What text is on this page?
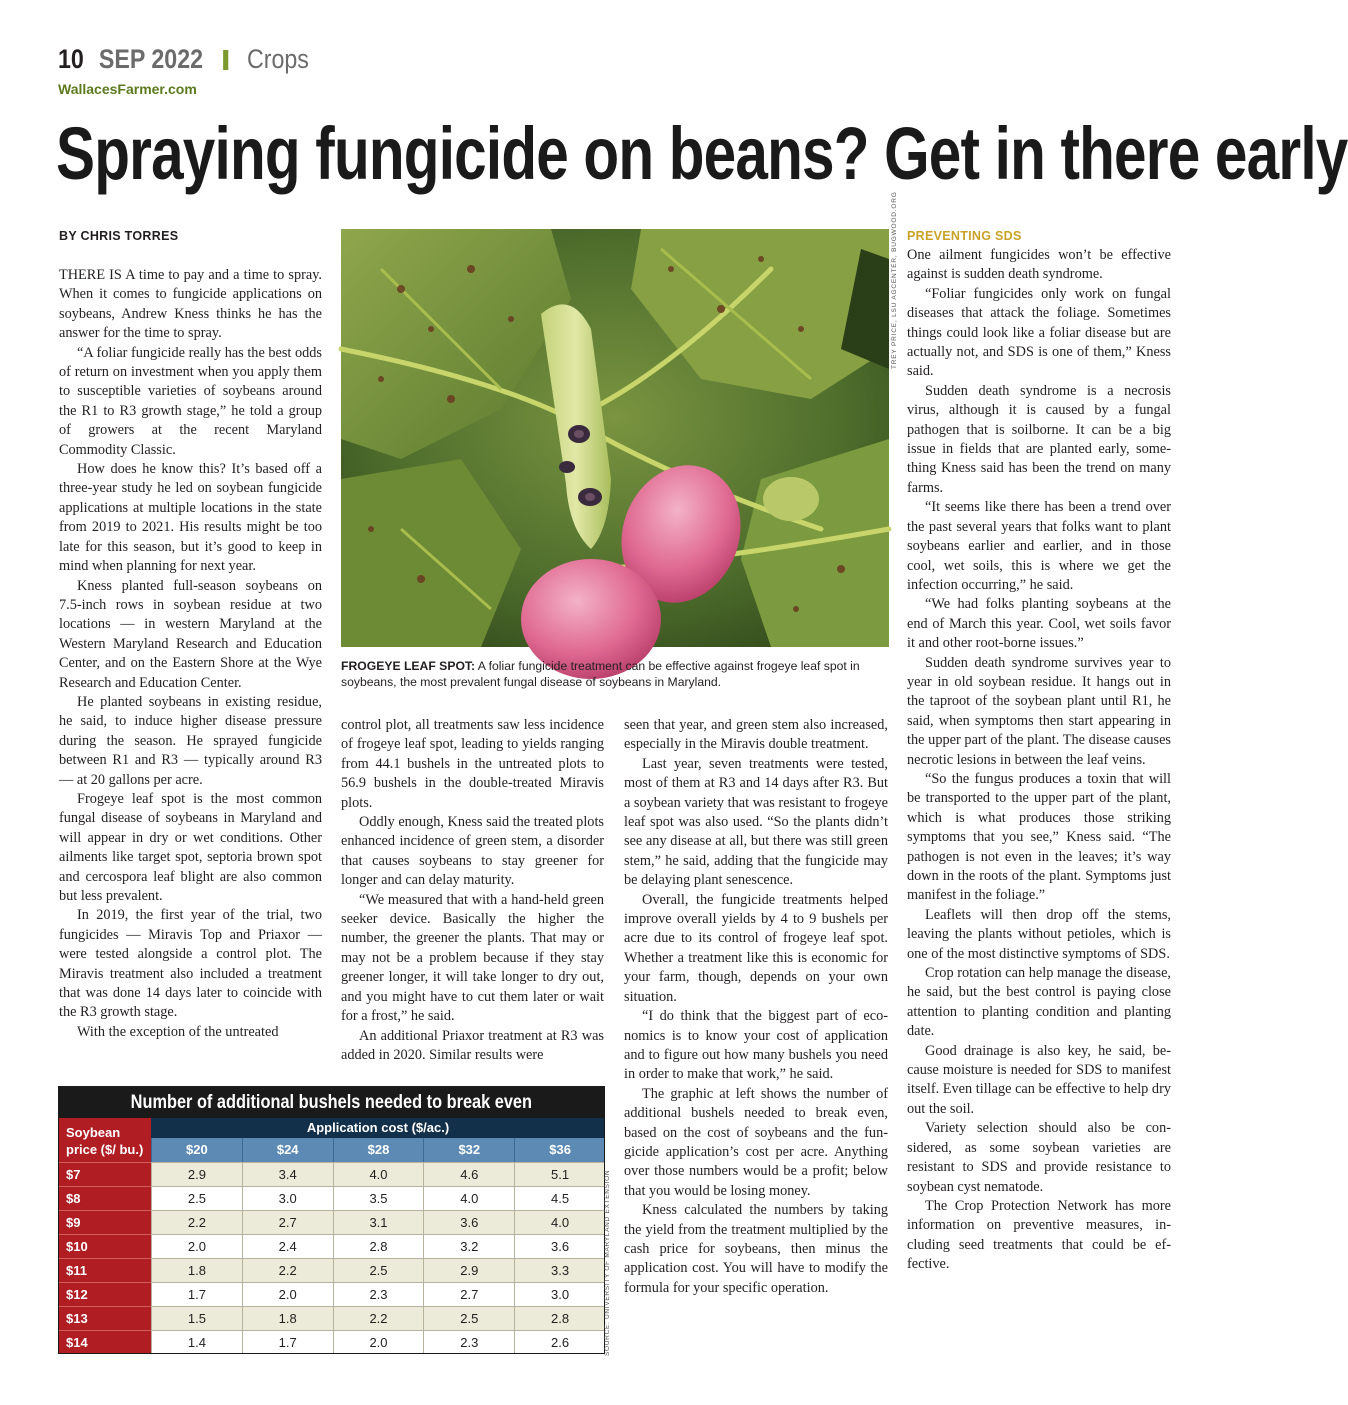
10 SEP 2022 Crops
WallacesFarmer.com
Spraying fungicide on beans? Get in there early
BY CHRIS TORRES

THERE IS A time to pay and a time to spray. When it comes to fungicide applications on soybeans, Andrew Kness thinks he has the answer for the time to spray.

“A foliar fungicide really has the best odds of return on investment when you apply them to susceptible varieties of soybeans around the R1 to R3 growth stage,” he told a group of growers at the recent Maryland Commodity Classic.

How does he know this? It’s based off a three-year study he led on soybean fungicide applications at multiple locations in the state from 2019 to 2021. His results might be too late for this season, but it’s good to keep in mind when planning for next year.

Kness planted full-season soybeans on 7.5-inch rows in soybean residue at two locations — in western Maryland at the Western Maryland Research and Education Center, and on the Eastern Shore at the Wye Research and Education Center.

He planted soybeans in existing residue, he said, to induce higher disease pressure during the season. He sprayed fungicide between R1 and R3 — typically around R3 — at 20 gallons per acre.

Frogeye leaf spot is the most common fungal disease of soybeans in Maryland and will appear in dry or wet conditions. Other ailments like target spot, septoria brown spot and cercospora leaf blight are also common but less prevalent.

In 2019, the first year of the trial, two fungicides — Miravis Top and Priaxor — were tested alongside a control plot. The Miravis treatment also included a treatment that was done 14 days later to coincide with the R3 growth stage.

With the exception of the untreated

control plot, all treatments saw less incidence of frogeye leaf spot, leading to yields ranging from 44.1 bushels in the untreated plots to 56.9 bushels in the double-treated Miravis plots.

Oddly enough, Kness said the treated plots enhanced incidence of green stem, a disorder that causes soybeans to stay greener for longer and can delay maturity.

“We measured that with a hand-held green seeker device. Basically the higher the number, the greener the plants. That may or may not be a problem because if they stay greener longer, it will take longer to dry out, and you might have to cut them later or wait for a frost,” he said.

An additional Priaxor treatment at R3 was added in 2020. Similar results were

seen that year, and green stem also increased, especially in the Miravis double treatment.

Last year, seven treatments were tested, most of them at R3 and 14 days after R3. But a soybean variety that was resistant to frogeye leaf spot was also used. “So the plants didn’t see any disease at all, but there was still green stem,” he said, adding that the fungicide may be delaying plant senescence.

Overall, the fungicide treatments helped improve overall yields by 4 to 9 bushels per acre due to its control of frogeye leaf spot. Whether a treatment like this is economic for your farm, though, depends on your own situation.

“I do think that the biggest part of economics is to know your cost of application and to figure out how many bushels you need in order to make that work,” he said.

The graphic at left shows the number of additional bushels needed to break even, based on the cost of soybeans and the fungicide application’s cost per acre. Anything over those numbers would be a profit; below that you would be losing money.

Kness calculated the numbers by taking the yield from the treatment multiplied by the cash price for soybeans, then minus the application cost. You will have to modify the formula for your specific operation.

TREY PRICE, LSU AGCENTER, BUGWOOD.ORG
FROGEYE LEAF SPOT: A foliar fungicide treatment can be effective against frogeye leaf spot in soybeans, the most prevalent fungal disease of soybeans in Maryland.
PREVENTING SDS

One ailment fungicides won’t be effective against is sudden death syndrome.

“Foliar fungicides only work on fungal diseases that attack the foliage. Sometimes things could look like a foliar disease but are actually not, and SDS is one of them,” Kness said.

Sudden death syndrome is a necrosis virus, although it is caused by a fungal pathogen that is soilborne. It can be a big issue in fields that are planted early, something Kness said has been the trend on many farms.

“It seems like there has been a trend over the past several years that folks want to plant soybeans earlier and earlier, and in those cool, wet soils, this is where we get the infection occurring,” he said.

“We had folks planting soybeans at the end of March this year. Cool, wet soils favor it and other root-borne issues.”

Sudden death syndrome survives year to year in old soybean residue. It hangs out in the taproot of the soybean plant until R1, he said, when symptoms then start appearing in the upper part of the plant. The disease causes necrotic lesions in between the leaf veins.

“So the fungus produces a toxin that will be transported to the upper part of the plant, which is what produces those striking symptoms that you see,” Kness said. “The pathogen is not even in the leaves; it’s way down in the roots of the plant. Symptoms just manifest in the foliage.”

Leaflets will then drop off the stems, leaving the plants without petioles, which is one of the most distinctive symptoms of SDS.

Crop rotation can help manage the disease, he said, but the best control is paying close attention to planting condition and planting date.

Good drainage is also key, he said, because moisture is needed for SDS to manifest itself. Even tillage can be effective to help dry out the soil.

Variety selection should also be considered, as some soybean varieties are resistant to SDS and provide resistance to soybean cyst nematode.

The Crop Protection Network has more information on preventive measures, including seed treatments that could be effective.

Number of additional bushels needed to break even
Soybean price ($/ bu.)
Application cost ($/ac.)
$20	$24	$28	$32	$36
$7	2.9	3.4	4.0	4.6	5.1
$8	2.5	3.0	3.5	4.0	4.5
$9	2.2	2.7	3.1	3.6	4.0
$10	2.0	2.4	2.8	3.2	3.6
$11	1.8	2.2	2.5	2.9	3.3
$12	1.7	2.0	2.3	2.7	3.0
$13	1.5	1.8	2.2	2.5	2.8
$14	1.4	1.7	2.0	2.3	2.6	SOURCE: UNIVERSITY OF MARYLAND EXTENSION
